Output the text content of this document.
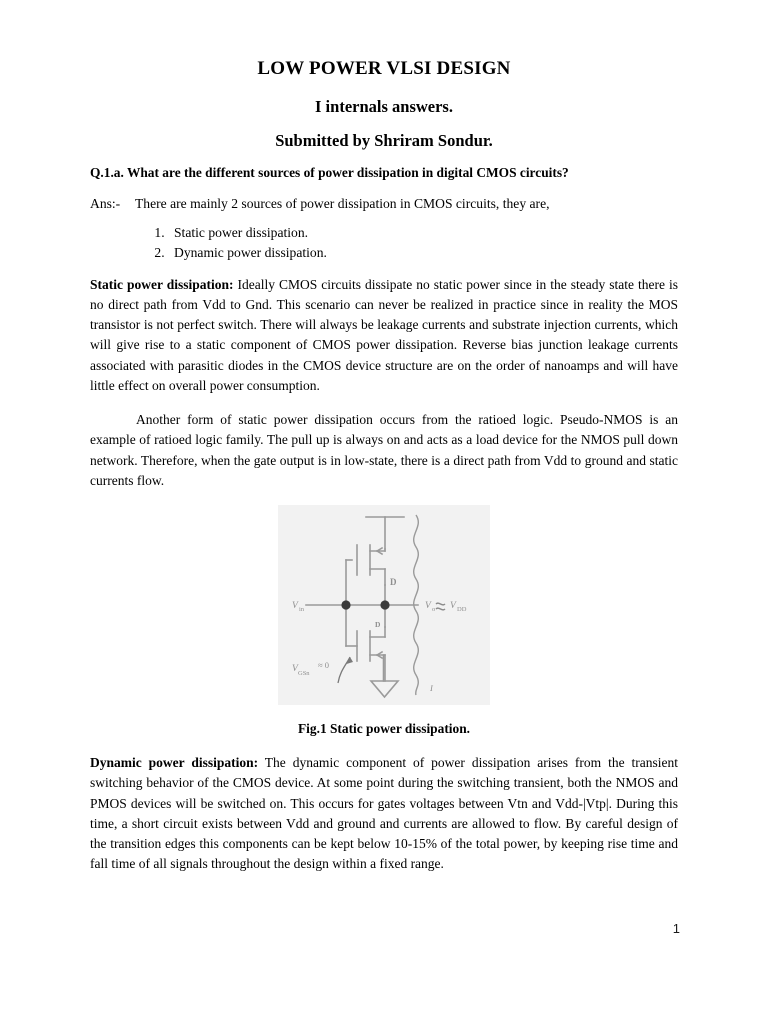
LOW POWER VLSI DESIGN
I internals answers.
Submitted by Shriram Sondur.

Q.1.a. What are the different sources of power dissipation in digital CMOS circuits?

Ans:- There are mainly 2 sources of power dissipation in CMOS circuits, they are,
1. Static power dissipation.
2. Dynamic power dissipation.

Static power dissipation: Ideally CMOS circuits dissipate no static power since in the steady state there is no direct path from Vdd to Gnd. This scenario can never be realized in practice since in reality the MOS transistor is not perfect switch. There will always be leakage currents and substrate injection currents, which will give rise to a static component of CMOS power dissipation. Reverse bias junction leakage currents associated with parasitic diodes in the CMOS device structure are on the order of nanoamps and will have little effect on overall power consumption.

Another form of static power dissipation occurs from the ratioed logic. Pseudo-NMOS is an example of ratioed logic family. The pull up is always on and acts as a load device for the NMOS pull down network. Therefore, when the gate output is in low-state, there is a direct path from Vdd to ground and static currents flow.

V in	V o V DD
V GSn
≈ 0
D
D
I

Fig.1 Static power dissipation.

Dynamic power dissipation: The dynamic component of power dissipation arises from the transient switching behavior of the CMOS device. At some point during the switching transient, both the NMOS and PMOS devices will be switched on. This occurs for gates voltages between Vtn and Vdd-|Vtp|. During this time, a short circuit exists between Vdd and ground and currents are allowed to flow. By careful design of the transition edges this components can be kept below 10-15% of the total power, by keeping rise time and fall time of all signals throughout the design within a fixed range.

1
